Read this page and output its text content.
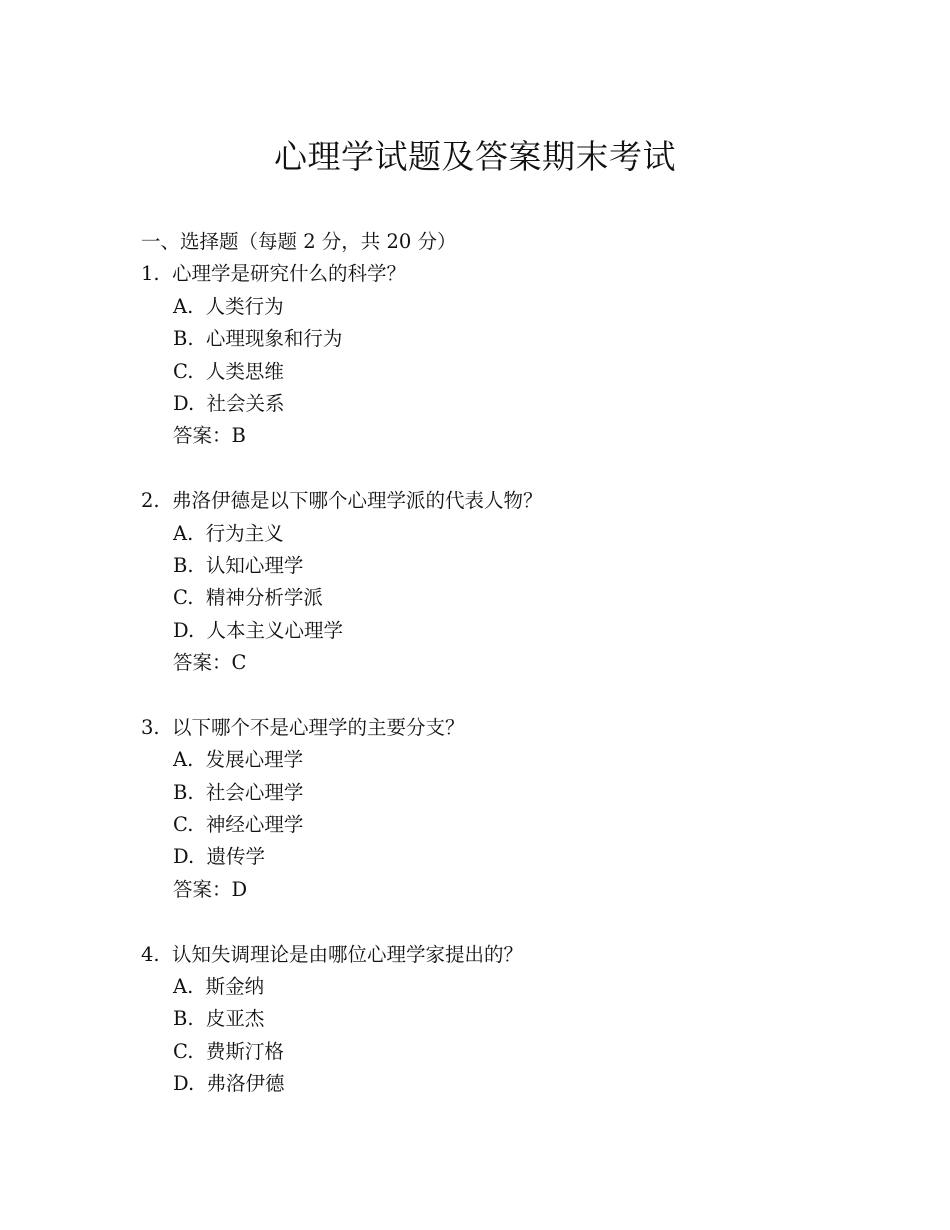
心理学试题及答案期末考试
一、选择题（每题 2 分，共 20 分）
1.  心理学是研究什么的科学？
A.  人类行为
B.  心理现象和行为
C.  人类思维
D.  社会关系
答案：B
2.  弗洛伊德是以下哪个心理学派的代表人物？
A.  行为主义
B.  认知心理学
C.  精神分析学派
D.  人本主义心理学
答案：C
3.  以下哪个不是心理学的主要分支？
A.  发展心理学
B.  社会心理学
C.  神经心理学
D.  遗传学
答案：D
4.  认知失调理论是由哪位心理学家提出的？
A.  斯金纳
B.  皮亚杰
C.  费斯汀格
D.  弗洛伊德
